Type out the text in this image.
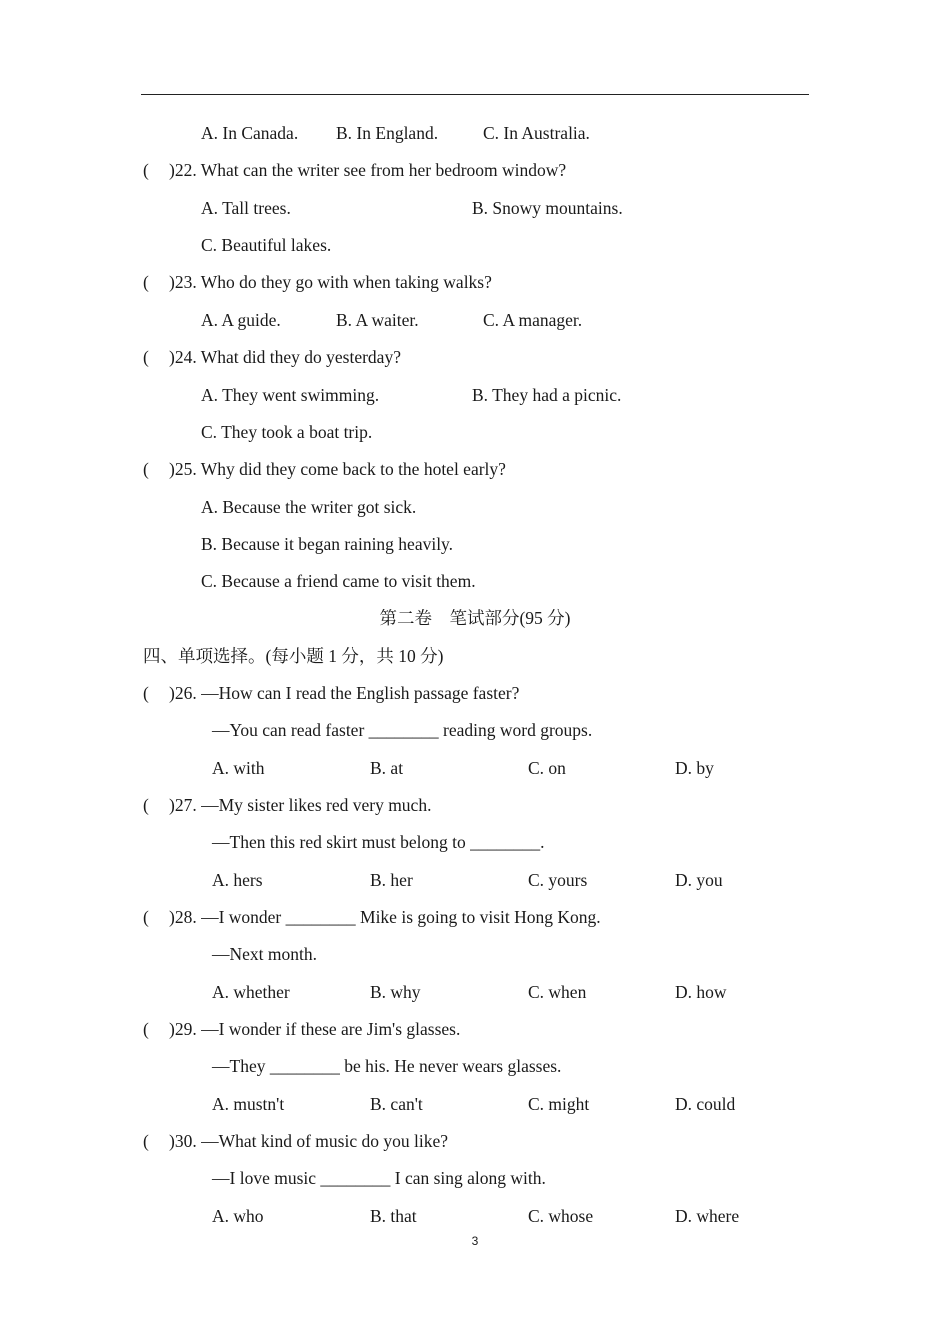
A. In Canada. B. In England.	C. In Australia.
( )22. What can the writer see from her bedroom window?
A. Tall trees.	B. Snowy mountains.
C. Beautiful lakes.
( )23. Who do they go with when taking walks?
A. A guide.	B. A waiter.	C. A manager.
( )24. What did they do yesterday?
A. They went swimming.	B. They had a picnic.
C. They took a boat trip.
( )25. Why did they come back to the hotel early?
A. Because the writer got sick.
B. Because it began raining heavily.
C. Because a friend came to visit them.
第二卷　笔试部分(95 分)
四、单项选择。(每小题 1 分，共 10 分)
( )26. —How can I read the English passage faster?
—You can read faster ________ reading word groups.
A. with	B. at	C. on	D. by
( )27. —My sister likes red very much.
—Then this red skirt must belong to ________.
A. hers	B. her	C. yours	D. you
( )28. —I wonder ________ Mike is going to visit Hong Kong.
—Next month.
A. whether	B. why	C. when	D. how
( )29. —I wonder if these are Jim's glasses.
—They ________ be his. He never wears glasses.
A. mustn't	B. can't	C. might	D. could
( )30. —What kind of music do you like?
—I love music ________ I can sing along with.
A. who	B. that	C. whose	D. where
3
